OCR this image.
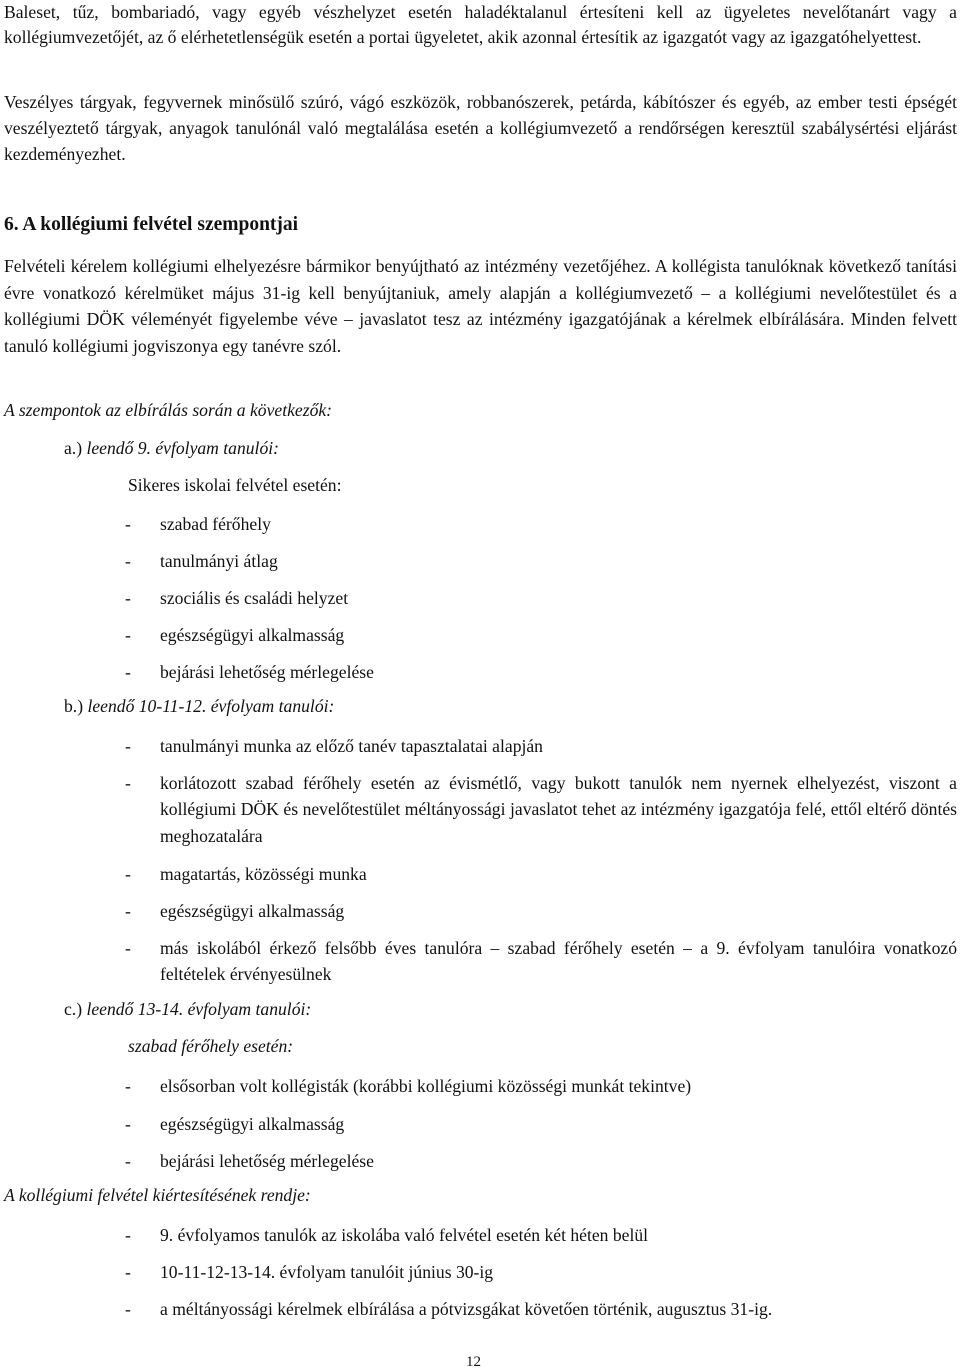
Baleset, tűz, bombariadó, vagy egyéb vészhelyzet esetén haladéktalanul értesíteni kell az ügyeletes nevelőtanárt vagy a kollégiumvezetőjét, az ő elérhetetlenségük esetén a portai ügyeletet, akik azonnal értesítik az igazgatót vagy az igazgatóhelyettest.

Veszélyes tárgyak, fegyvernek minősülő szúró, vágó eszközök, robbanószerek, petárda, kábítószer és egyéb, az ember testi épségét veszélyeztető tárgyak, anyagok tanulónál való megtalálása esetén a kollégiumvezető a rendőrségen keresztül szabálysértési eljárást kezdeményezhet.

6. A kollégiumi felvétel szempontjai

Felvételi kérelem kollégiumi elhelyezésre bármikor benyújtható az intézmény vezetőjéhez. A kollégista tanulóknak következő tanítási évre vonatkozó kérelmüket május 31-ig kell benyújtaniuk, amely alapján a kollégiumvezető – a kollégiumi nevelőtestület és a kollégiumi DÖK véleményét figyelembe véve – javaslatot tesz az intézmény igazgatójának a kérelmek elbírálására. Minden felvett tanuló kollégiumi jogviszonya egy tanévre szól.

A szempontok az elbírálás során a következők:

a.) leendő 9. évfolyam tanulói:

Sikeres iskolai felvétel esetén:

- szabad férőhely
- tanulmányi átlag
- szociális és családi helyzet
- egészségügyi alkalmasság
- bejárási lehetőség mérlegelése

b.) leendő 10-11-12. évfolyam tanulói:

- tanulmányi munka az előző tanév tapasztalatai alapján
- korlátozott szabad férőhely esetén az évismétlő, vagy bukott tanulók nem nyernek elhelyezést, viszont a kollégiumi DÖK és nevelőtestület méltányossági javaslatot tehet az intézmény igazgatója felé, ettől eltérő döntés meghozatalára
- magatartás, közösségi munka
- egészségügyi alkalmasság
- más iskolából érkező felsőbb éves tanulóra – szabad férőhely esetén – a 9. évfolyam tanulóira vonatkozó feltételek érvényesülnek

c.) leendő 13-14. évfolyam tanulói:

szabad férőhely esetén:

- elsősorban volt kollégisták (korábbi kollégiumi közösségi munkát tekintve)
- egészségügyi alkalmasság
- bejárási lehetőség mérlegelése

A kollégiumi felvétel kiértesítésének rendje:

- 9. évfolyamos tanulók az iskolába való felvétel esetén két héten belül
- 10-11-12-13-14. évfolyam tanulóit június 30-ig
- a méltányossági kérelmek elbírálása a pótvizsgákat követően történik, augusztus 31-ig.
12
